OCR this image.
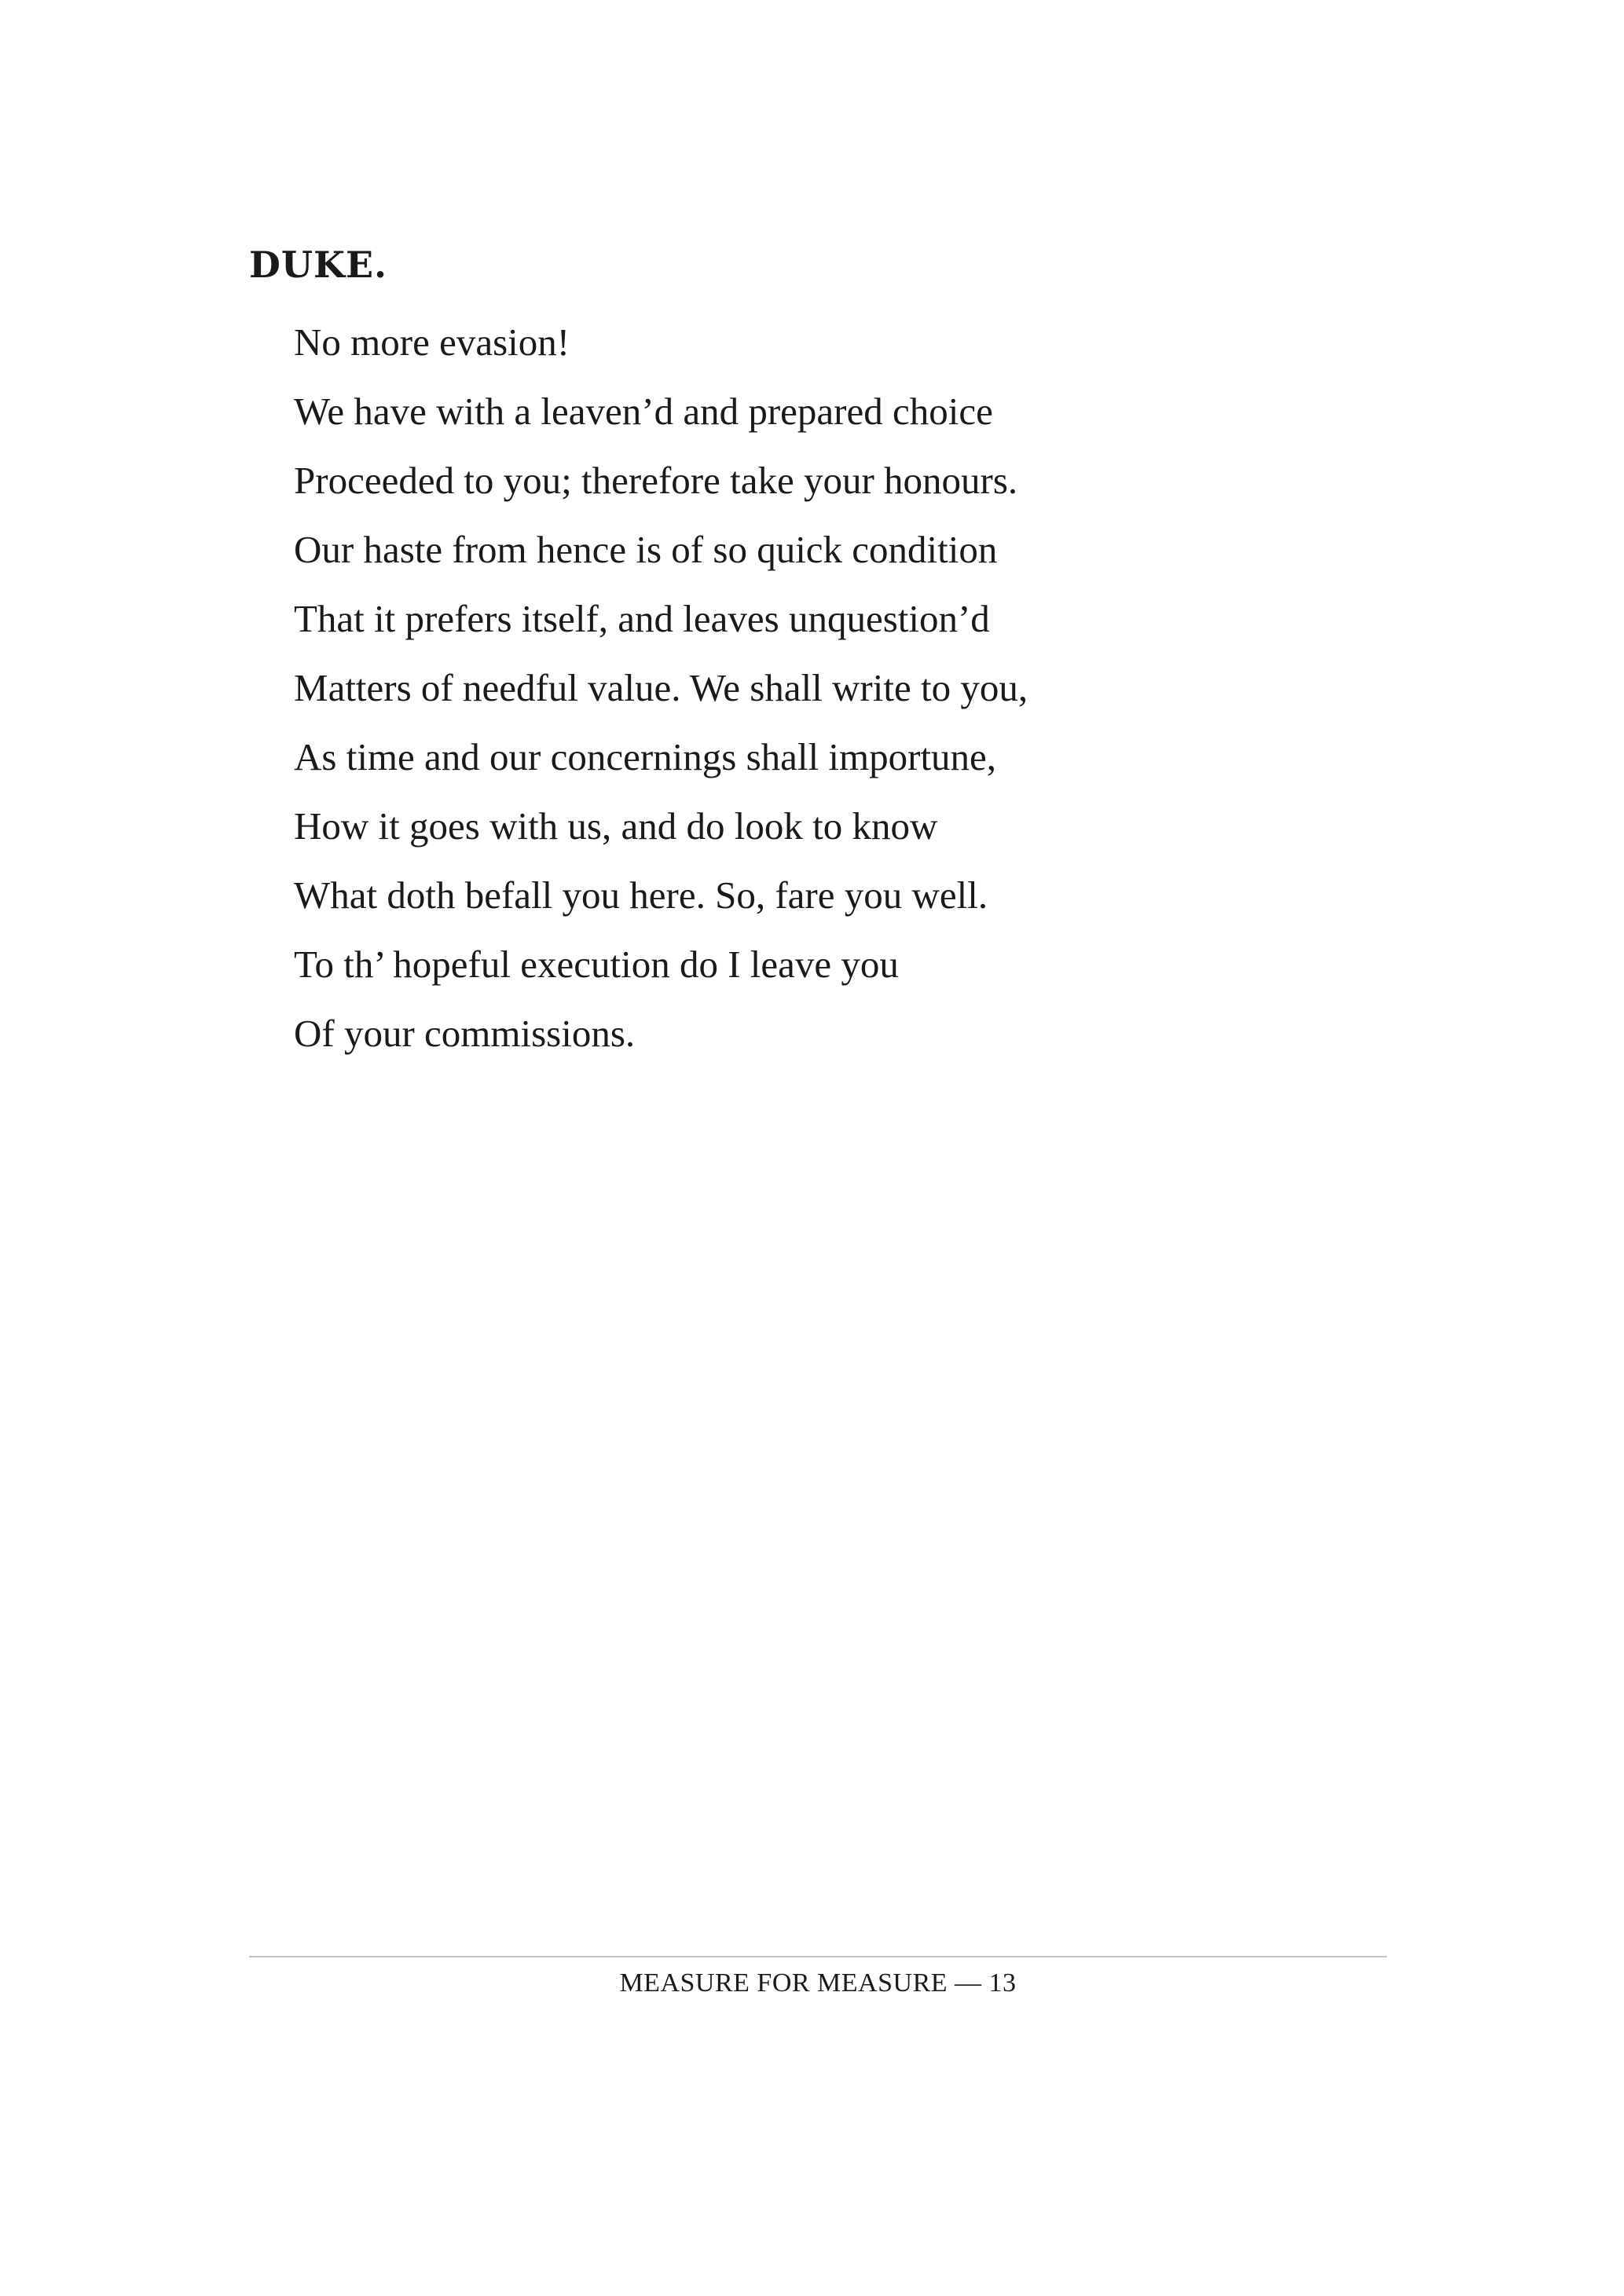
DUKE.
No more evasion!
We have with a leaven’d and prepared choice
Proceeded to you; therefore take your honours.
Our haste from hence is of so quick condition
That it prefers itself, and leaves unquestion’d
Matters of needful value. We shall write to you,
As time and our concernings shall importune,
How it goes with us, and do look to know
What doth befall you here. So, fare you well.
To th’ hopeful execution do I leave you
Of your commissions.
MEASURE FOR MEASURE — 13
